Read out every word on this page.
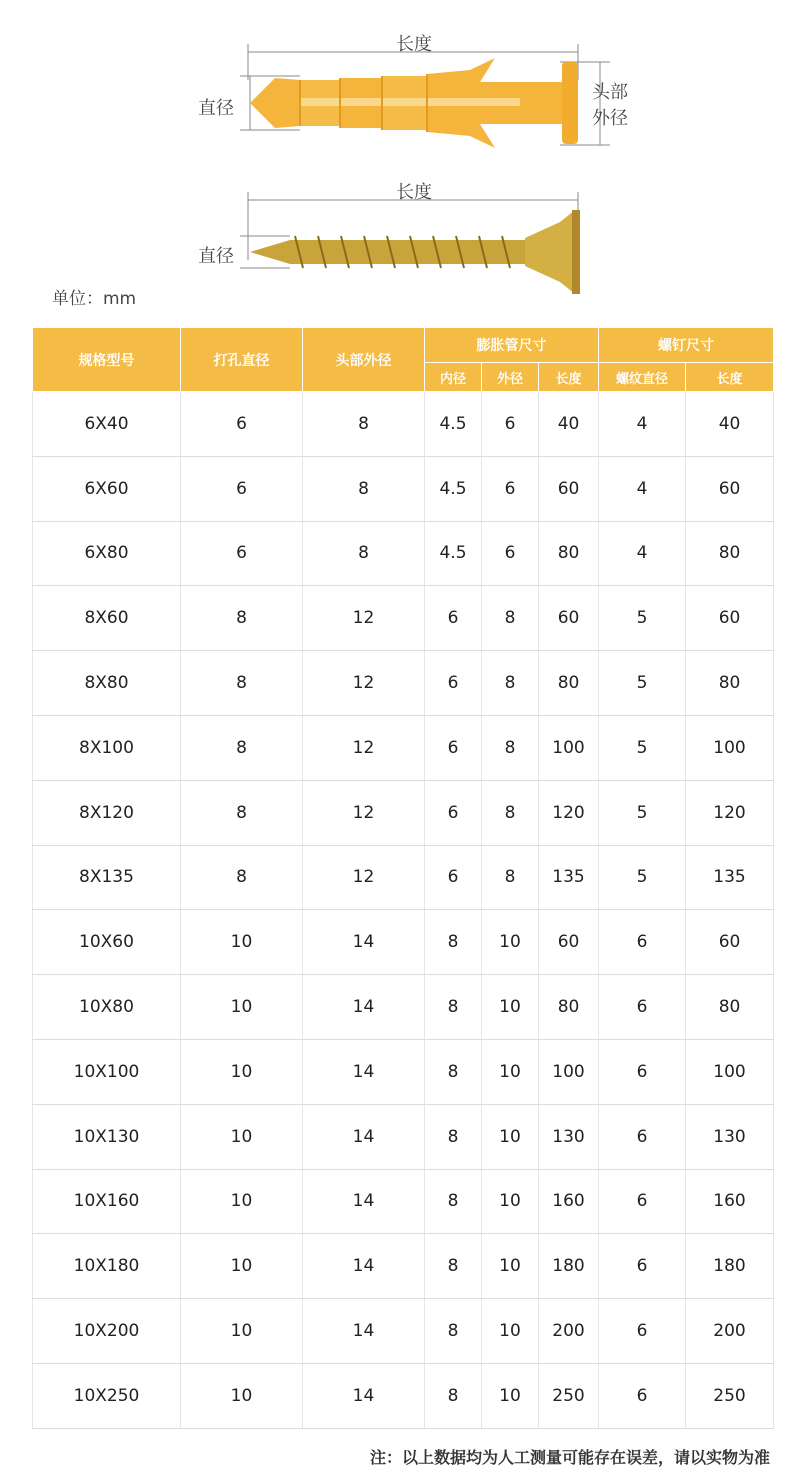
长度
直径
头部
外径
长度
直径
单位：mm
规格型号	打孔直径	头部外径	膨胀管尺寸			螺钉尺寸	
			内径	外径	长度	螺纹直径	长度
6X40	6	8	4.5	6	40	4	40
6X60	6	8	4.5	6	60	4	60
6X80	6	8	4.5	6	80	4	80
8X60	8	12	6	8	60	5	60
8X80	8	12	6	8	80	5	80
8X100	8	12	6	8	100	5	100
8X120	8	12	6	8	120	5	120
8X135	8	12	6	8	135	5	135
10X60	10	14	8	10	60	6	60
10X80	10	14	8	10	80	6	80
10X100	10	14	8	10	100	6	100
10X130	10	14	8	10	130	6	130
10X160	10	14	8	10	160	6	160
10X180	10	14	8	10	180	6	180
10X200	10	14	8	10	200	6	200
10X250	10	14	8	10	250	6	250
注：以上数据均为人工测量可能存在误差，请以实物为准
